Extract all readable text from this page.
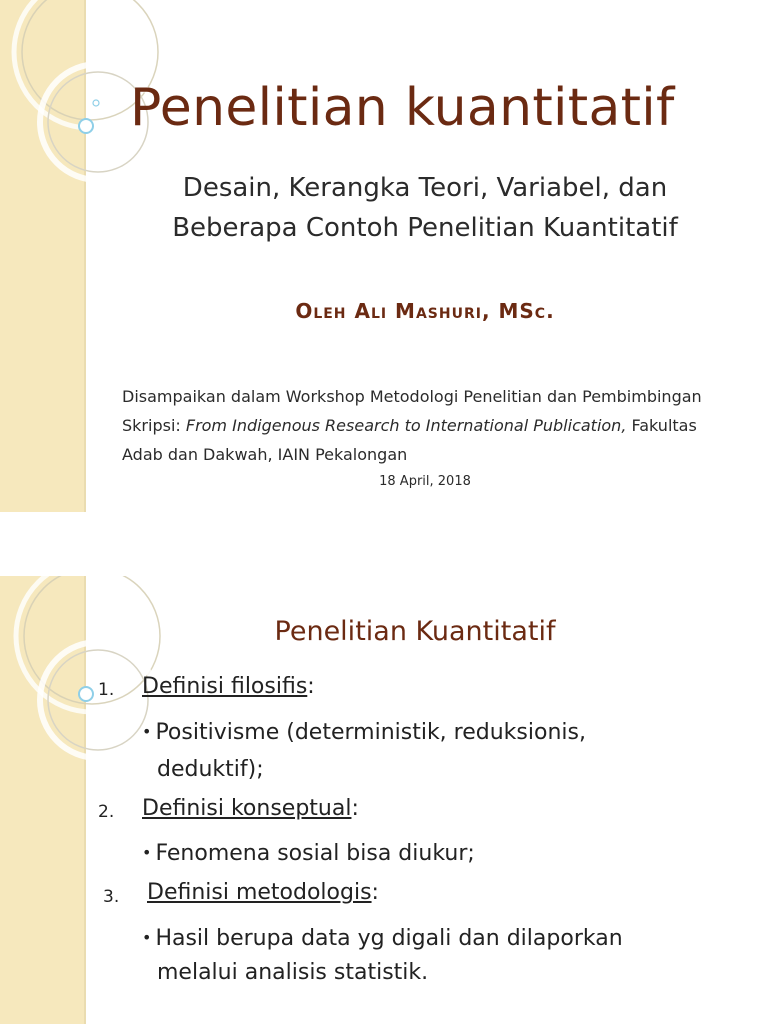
Penelitian kuantitatif
Desain, Kerangka Teori, Variabel, dan
Beberapa Contoh Penelitian Kuantitatif
Oleh Ali Mashuri, MSc.
Disampaikan dalam Workshop Metodologi Penelitian dan Pembimbingan Skripsi: From Indigenous Research to International Publication, Fakultas Adab dan Dakwah, IAIN Pekalongan
18 April, 2018
Penelitian Kuantitatif
1. Definisi filosifis:
• Positivisme (deterministik, reduksionis,
deduktif);
2. Definisi konseptual:
• Fenomena sosial bisa diukur;
3. Definisi metodologis:
• Hasil berupa data yg digali dan dilaporkan
melalui analisis statistik.
